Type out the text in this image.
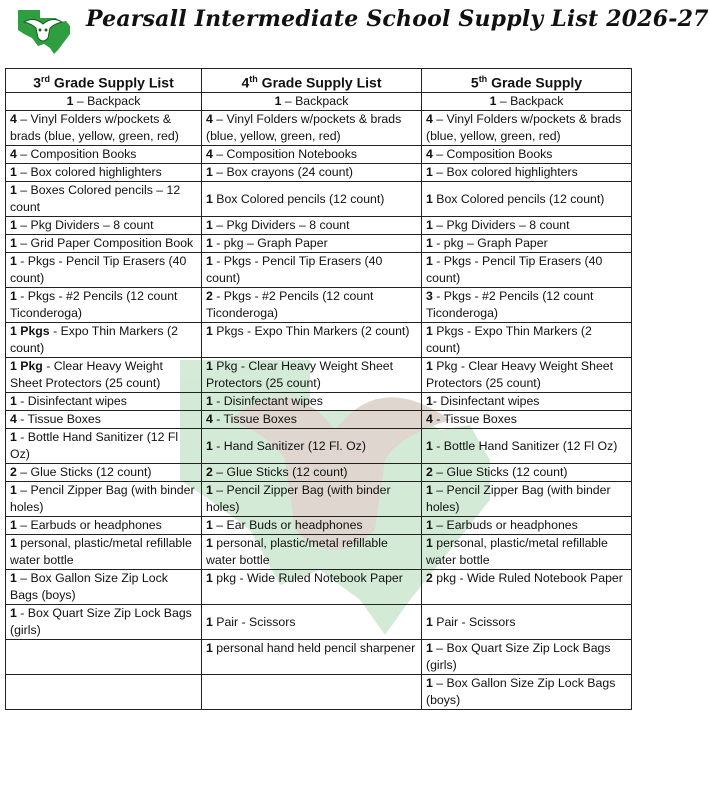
Pearsall Intermediate School Supply List 2026-27
3rd Grade Supply List	4th Grade Supply List	5th Grade Supply
1 – Backpack	1 – Backpack	1 – Backpack
4 – Vinyl Folders w/pockets & brads (blue, yellow, green, red)	4 – Vinyl Folders w/pockets & brads (blue, yellow, green, red)	4 – Vinyl Folders w/pockets & brads (blue, yellow, green, red)
4 – Composition Books	4 – Composition Notebooks	4 – Composition Books
1 – Box colored highlighters	1 – Box crayons (24 count)	1 – Box colored highlighters
1 – Boxes Colored pencils – 12 count	1 Box Colored pencils (12 count)	1 Box Colored pencils (12 count)
1 – Pkg Dividers – 8 count	1 – Pkg Dividers – 8 count	1 – Pkg Dividers – 8 count
1 – Grid Paper Composition Book	1 - pkg – Graph Paper	1 - pkg – Graph Paper
1 - Pkgs - Pencil Tip Erasers (40 count)	1 - Pkgs - Pencil Tip Erasers (40 count)	1 - Pkgs - Pencil Tip Erasers (40 count)
1 - Pkgs - #2 Pencils (12 count Ticonderoga)	2 - Pkgs - #2 Pencils (12 count Ticonderoga)	3 - Pkgs - #2 Pencils (12 count Ticonderoga)
1 Pkgs - Expo Thin Markers (2 count)	1 Pkgs - Expo Thin Markers (2 count)	1 Pkgs - Expo Thin Markers (2 count)
1 Pkg - Clear Heavy Weight Sheet Protectors (25 count)	1 Pkg - Clear Heavy Weight Sheet Protectors (25 count)	1 Pkg - Clear Heavy Weight Sheet Protectors (25 count)
1 - Disinfectant wipes	1 - Disinfectant wipes	1- Disinfectant wipes
4 - Tissue Boxes	4 - Tissue Boxes	4 - Tissue Boxes
1 - Bottle Hand Sanitizer (12 Fl Oz)	1 - Hand Sanitizer (12 Fl. Oz)	1 - Bottle Hand Sanitizer (12 Fl Oz)
2 – Glue Sticks (12 count)	2 – Glue Sticks (12 count)	2 – Glue Sticks (12 count)
1 – Pencil Zipper Bag (with binder holes)	1 – Pencil Zipper Bag (with binder holes)	1 – Pencil Zipper Bag (with binder holes)
1 – Earbuds or headphones	1 – Ear Buds or headphones	1 – Earbuds or headphones
1 personal, plastic/metal refillable water bottle	1 personal, plastic/metal refillable water bottle	1 personal, plastic/metal refillable water bottle
1 – Box Gallon Size Zip Lock Bags (boys)	1 pkg - Wide Ruled Notebook Paper	2 pkg - Wide Ruled Notebook Paper
1 - Box Quart Size Zip Lock Bags (girls)	1 Pair - Scissors	1 Pair - Scissors
	1 personal hand held pencil sharpener	1 – Box Quart Size Zip Lock Bags (girls)
		1 – Box Gallon Size Zip Lock Bags (boys)
